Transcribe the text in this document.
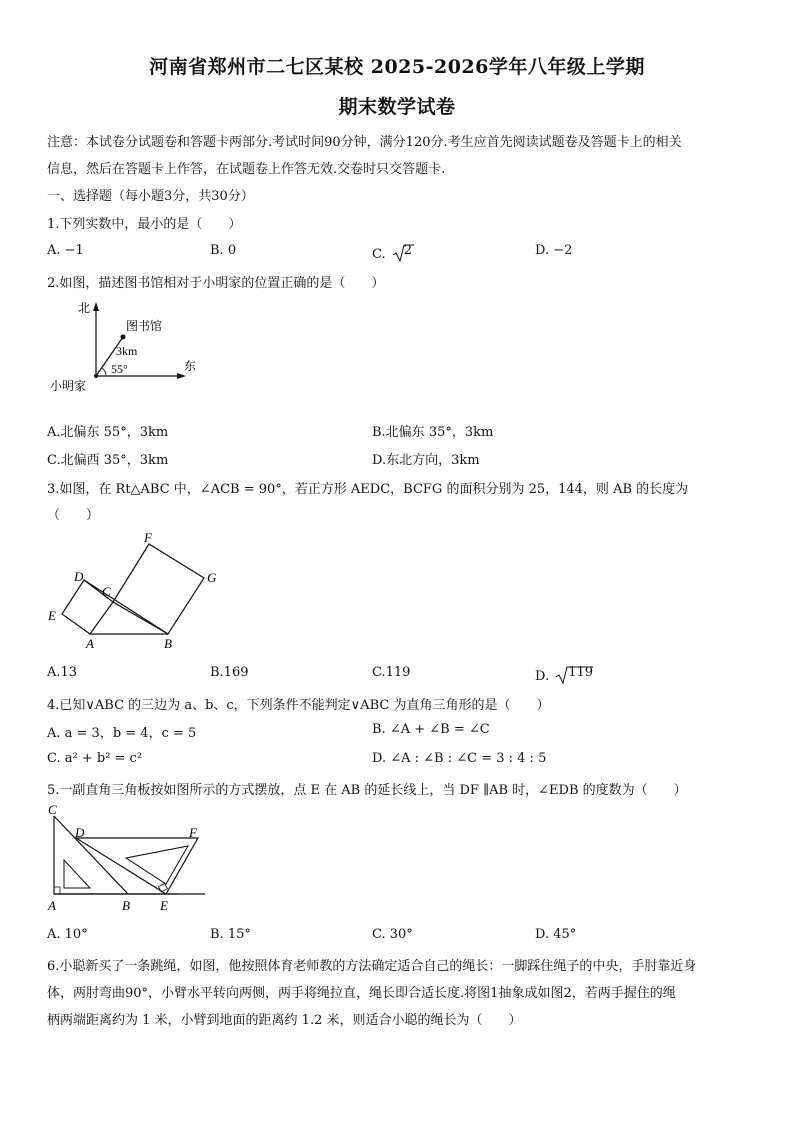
河南省郑州市二七区某校 2025-2026学年八年级上学期
期末数学试卷
注意：本试卷分试题卷和答题卡两部分.考试时间90分钟，满分120分.考生应首先阅读试题卷及答题卡上的相关
信息，然后在答题卡上作答，在试题卷上作答无效.交卷时只交答题卡.
一、选择题（每小题3分，共30分）
1.下列实数中，最小的是（　　）
A. −1	B. 0	C. 2	D. −2
2.如图，描述图书馆相对于小明家的位置正确的是（　　）
北
东
图书馆
3km
55°
小明家
A.北偏东 55°，3km	B.北偏东 35°，3km
C.北偏西 35°，3km	D.东北方向，3km
3.如图，在 Rt△ABC 中，∠ACB = 90°，若正方形 AEDC，BCFG 的面积分别为 25，144，则 AB 的长度为
（　　）
F
G
D
C
E
A	B
A.13	B.169	C.119	D. 119
4.已知∨ABC 的三边为 a、b、c，下列条件不能判定∨ABC 为直角三角形的是（　　）
A. a = 3，b = 4，c = 5	B. ∠A + ∠B = ∠C
C. a² + b² = c²	D. ∠A : ∠B : ∠C = 3 : 4 : 5
5.一副直角三角板按如图所示的方式摆放，点 E 在 AB 的延长线上，当 DF ∥AB 时，∠EDB 的度数为（　　）
C
D	F
A	B E
A. 10°	B. 15°	C. 30°	D. 45°
6.小聪新买了一条跳绳，如图，他按照体育老师教的方法确定适合自己的绳长：一脚踩住绳子的中央，手肘靠近身
体，两肘弯曲90°，小臂水平转向两侧，两手将绳拉直，绳长即合适长度.将图1抽象成如图2，若两手握住的绳
柄两端距离约为 1 米，小臂到地面的距离约 1.2 米，则适合小聪的绳长为（　　）
